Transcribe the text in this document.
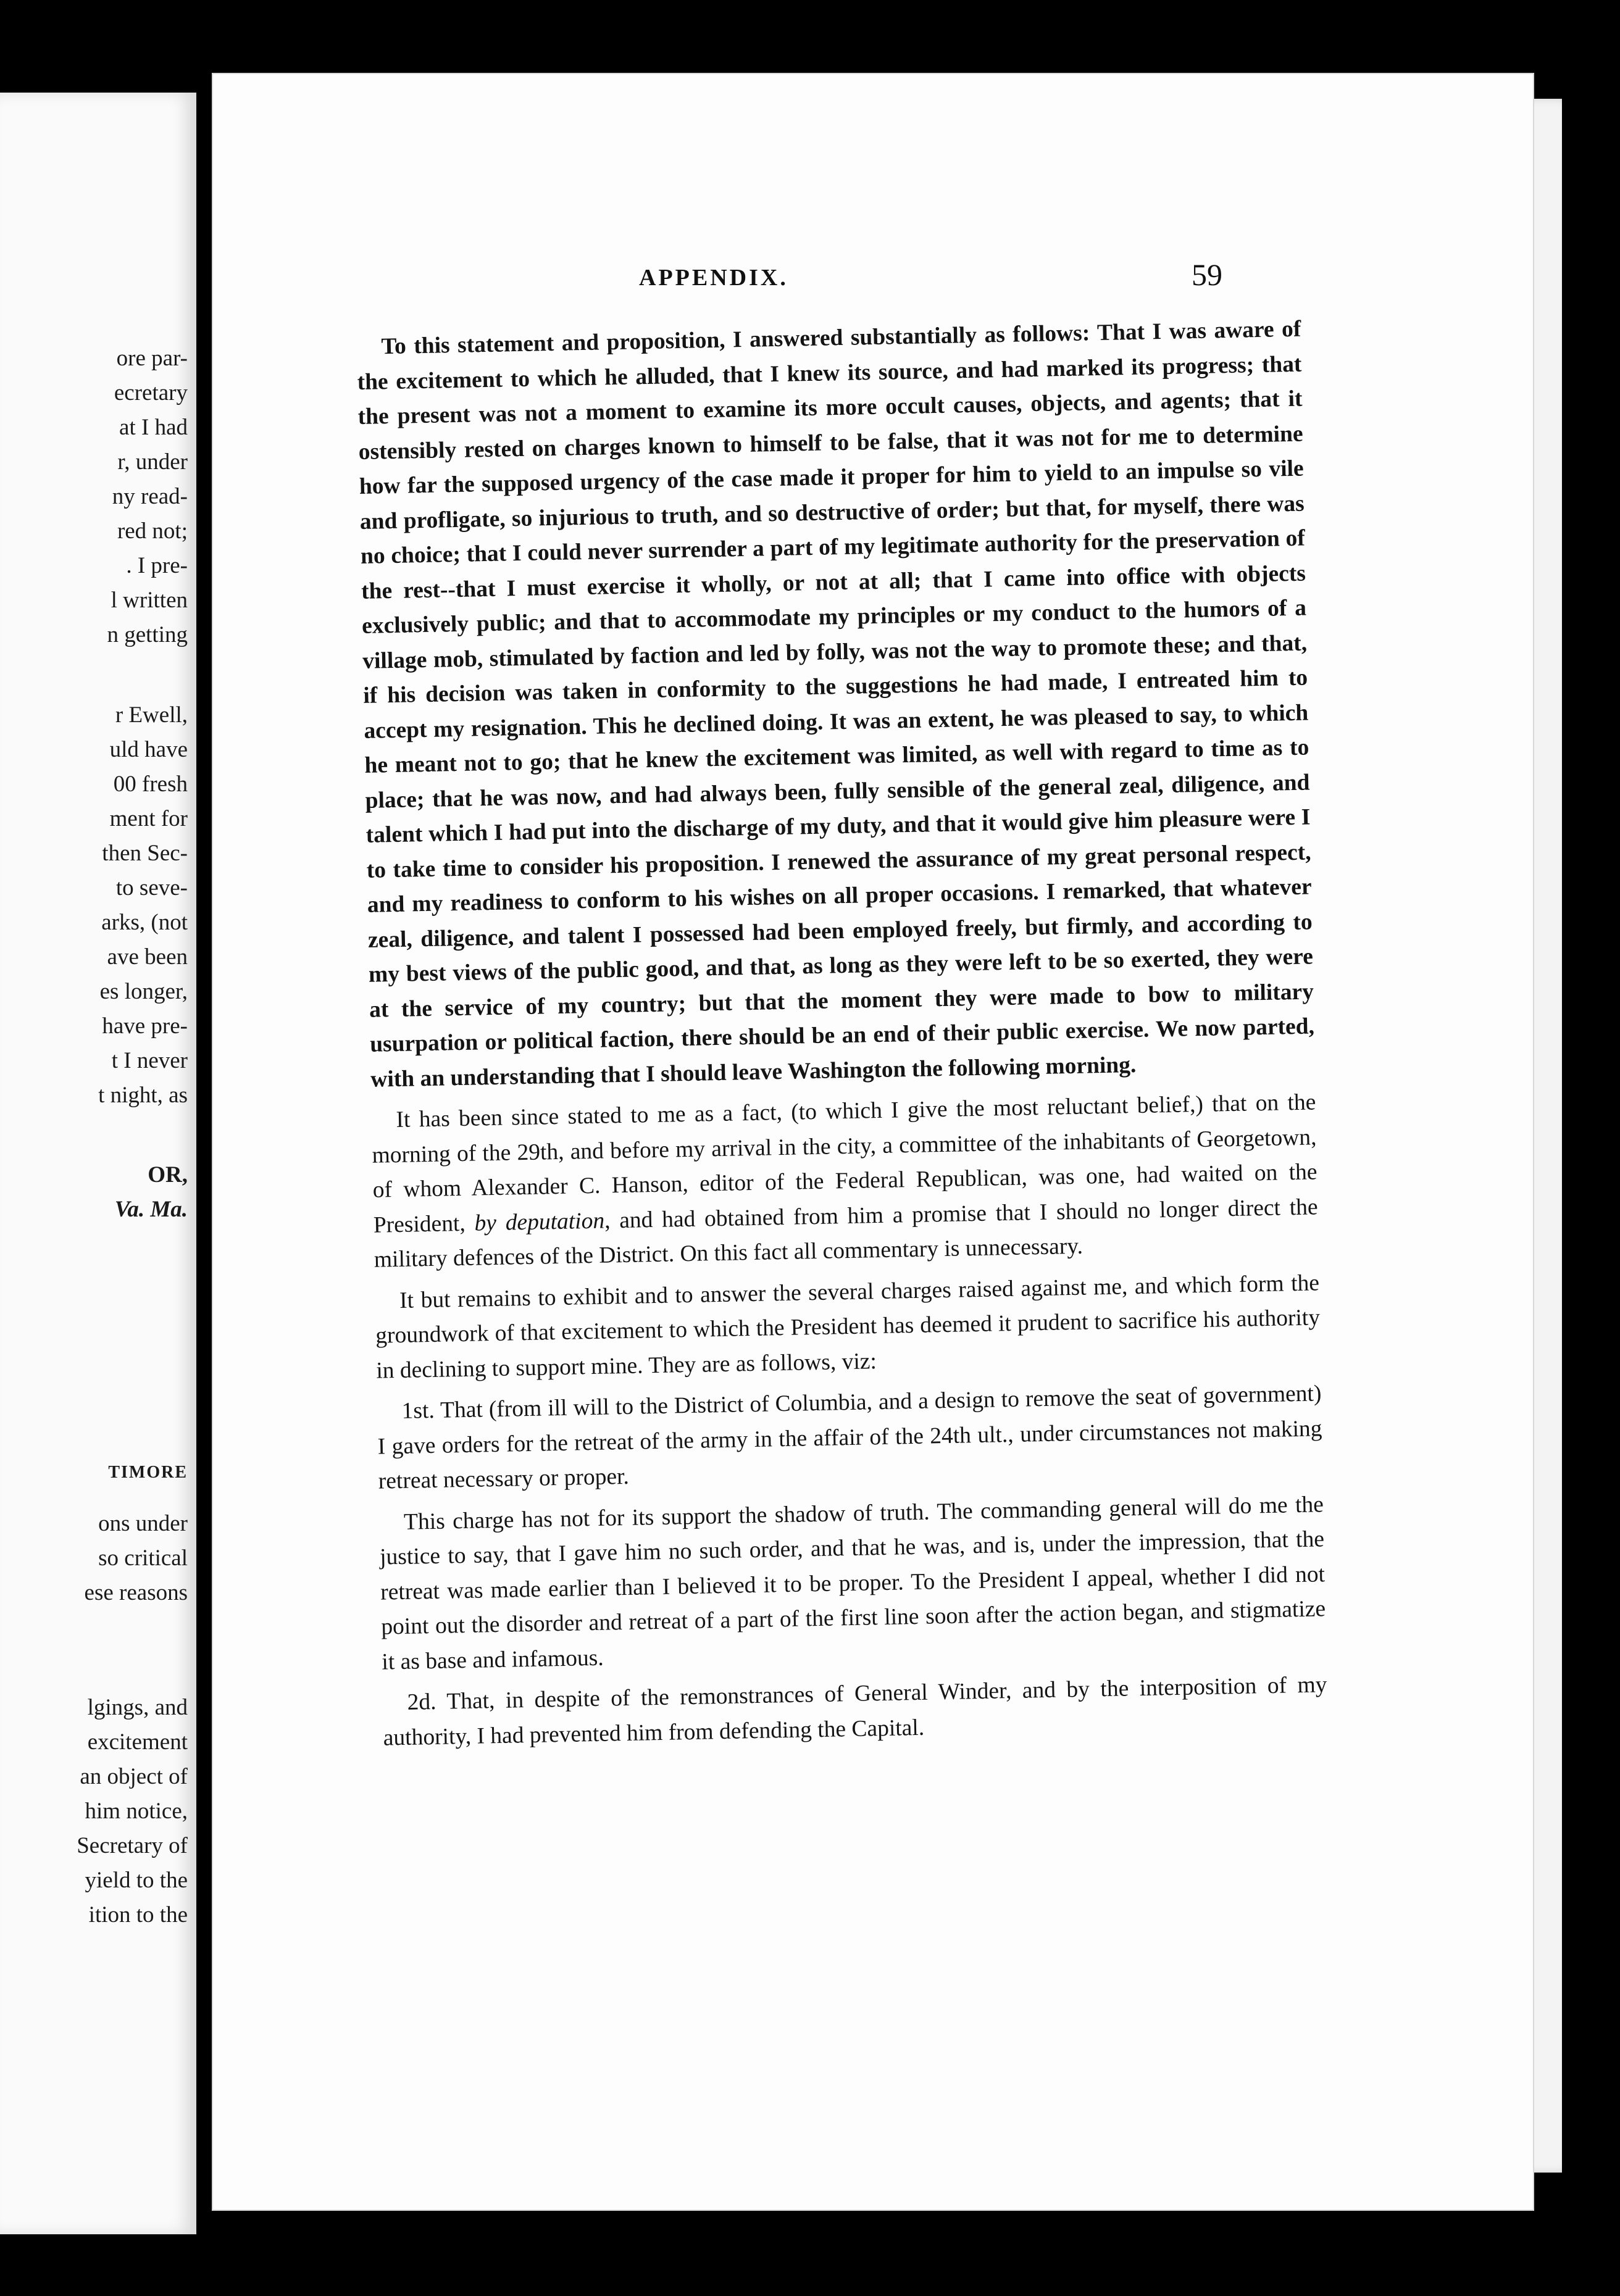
ore par-
ecretary
at I had
r, under
ny read-
red not;
. I pre-
l written
n getting
r Ewell,
uld have
00 fresh
ment for
then Sec-
to seve-
arks, (not
ave been
es longer,
have pre-
t I never
t night, as
OR,
Va. Ma.
TIMORE
ons under
so critical
ese reasons
lgings, and
excitement
an object of
him notice,
Secretary of
yield to the
ition to the
APPENDIX.	59

To this statement and proposition, I answered substantially as follows: That I was aware of the excitement to which he alluded, that I knew its source, and had marked its progress; that the present was not a moment to examine its more occult causes, objects, and agents; that it ostensibly rested on charges known to himself to be false, that it was not for me to determine how far the supposed urgency of the case made it proper for him to yield to an impulse so vile and profligate, so injurious to truth, and so destructive of order; but that, for myself, there was no choice; that I could never surrender a part of my legitimate authority for the preservation of the rest--that I must exercise it wholly, or not at all; that I came into office with objects exclusively public; and that to accommodate my principles or my conduct to the humors of a village mob, stimulated by faction and led by folly, was not the way to promote these; and that, if his decision was taken in conformity to the suggestions he had made, I entreated him to accept my resignation. This he declined doing. It was an extent, he was pleased to say, to which he meant not to go; that he knew the excitement was limited, as well with regard to time as to place; that he was now, and had always been, fully sensible of the general zeal, diligence, and talent which I had put into the discharge of my duty, and that it would give him pleasure were I to take time to consider his proposition. I renewed the assurance of my great personal respect, and my readiness to conform to his wishes on all proper occasions. I remarked, that whatever zeal, diligence, and talent I possessed had been employed freely, but firmly, and according to my best views of the public good, and that, as long as they were left to be so exerted, they were at the service of my country; but that the moment they were made to bow to military usurpation or political faction, there should be an end of their public exercise. We now parted, with an understanding that I should leave Washington the following morning.

It has been since stated to me as a fact, (to which I give the most reluctant belief,) that on the morning of the 29th, and before my arrival in the city, a committee of the inhabitants of Georgetown, of whom Alexander C. Hanson, editor of the Federal Republican, was one, had waited on the President, by deputation, and had obtained from him a promise that I should no longer direct the military defences of the District. On this fact all commentary is unnecessary.

It but remains to exhibit and to answer the several charges raised against me, and which form the groundwork of that excitement to which the President has deemed it prudent to sacrifice his authority in declining to support mine. They are as follows, viz:

1st. That (from ill will to the District of Columbia, and a design to remove the seat of government) I gave orders for the retreat of the army in the affair of the 24th ult., under circumstances not making retreat necessary or proper.

This charge has not for its support the shadow of truth. The commanding general will do me the justice to say, that I gave him no such order, and that he was, and is, under the impression, that the retreat was made earlier than I believed it to be proper. To the President I appeal, whether I did not point out the disorder and retreat of a part of the first line soon after the action began, and stigmatize it as base and infamous.

2d. That, in despite of the remonstrances of General Winder, and by the interposition of my authority, I had prevented him from defending the Capital.
